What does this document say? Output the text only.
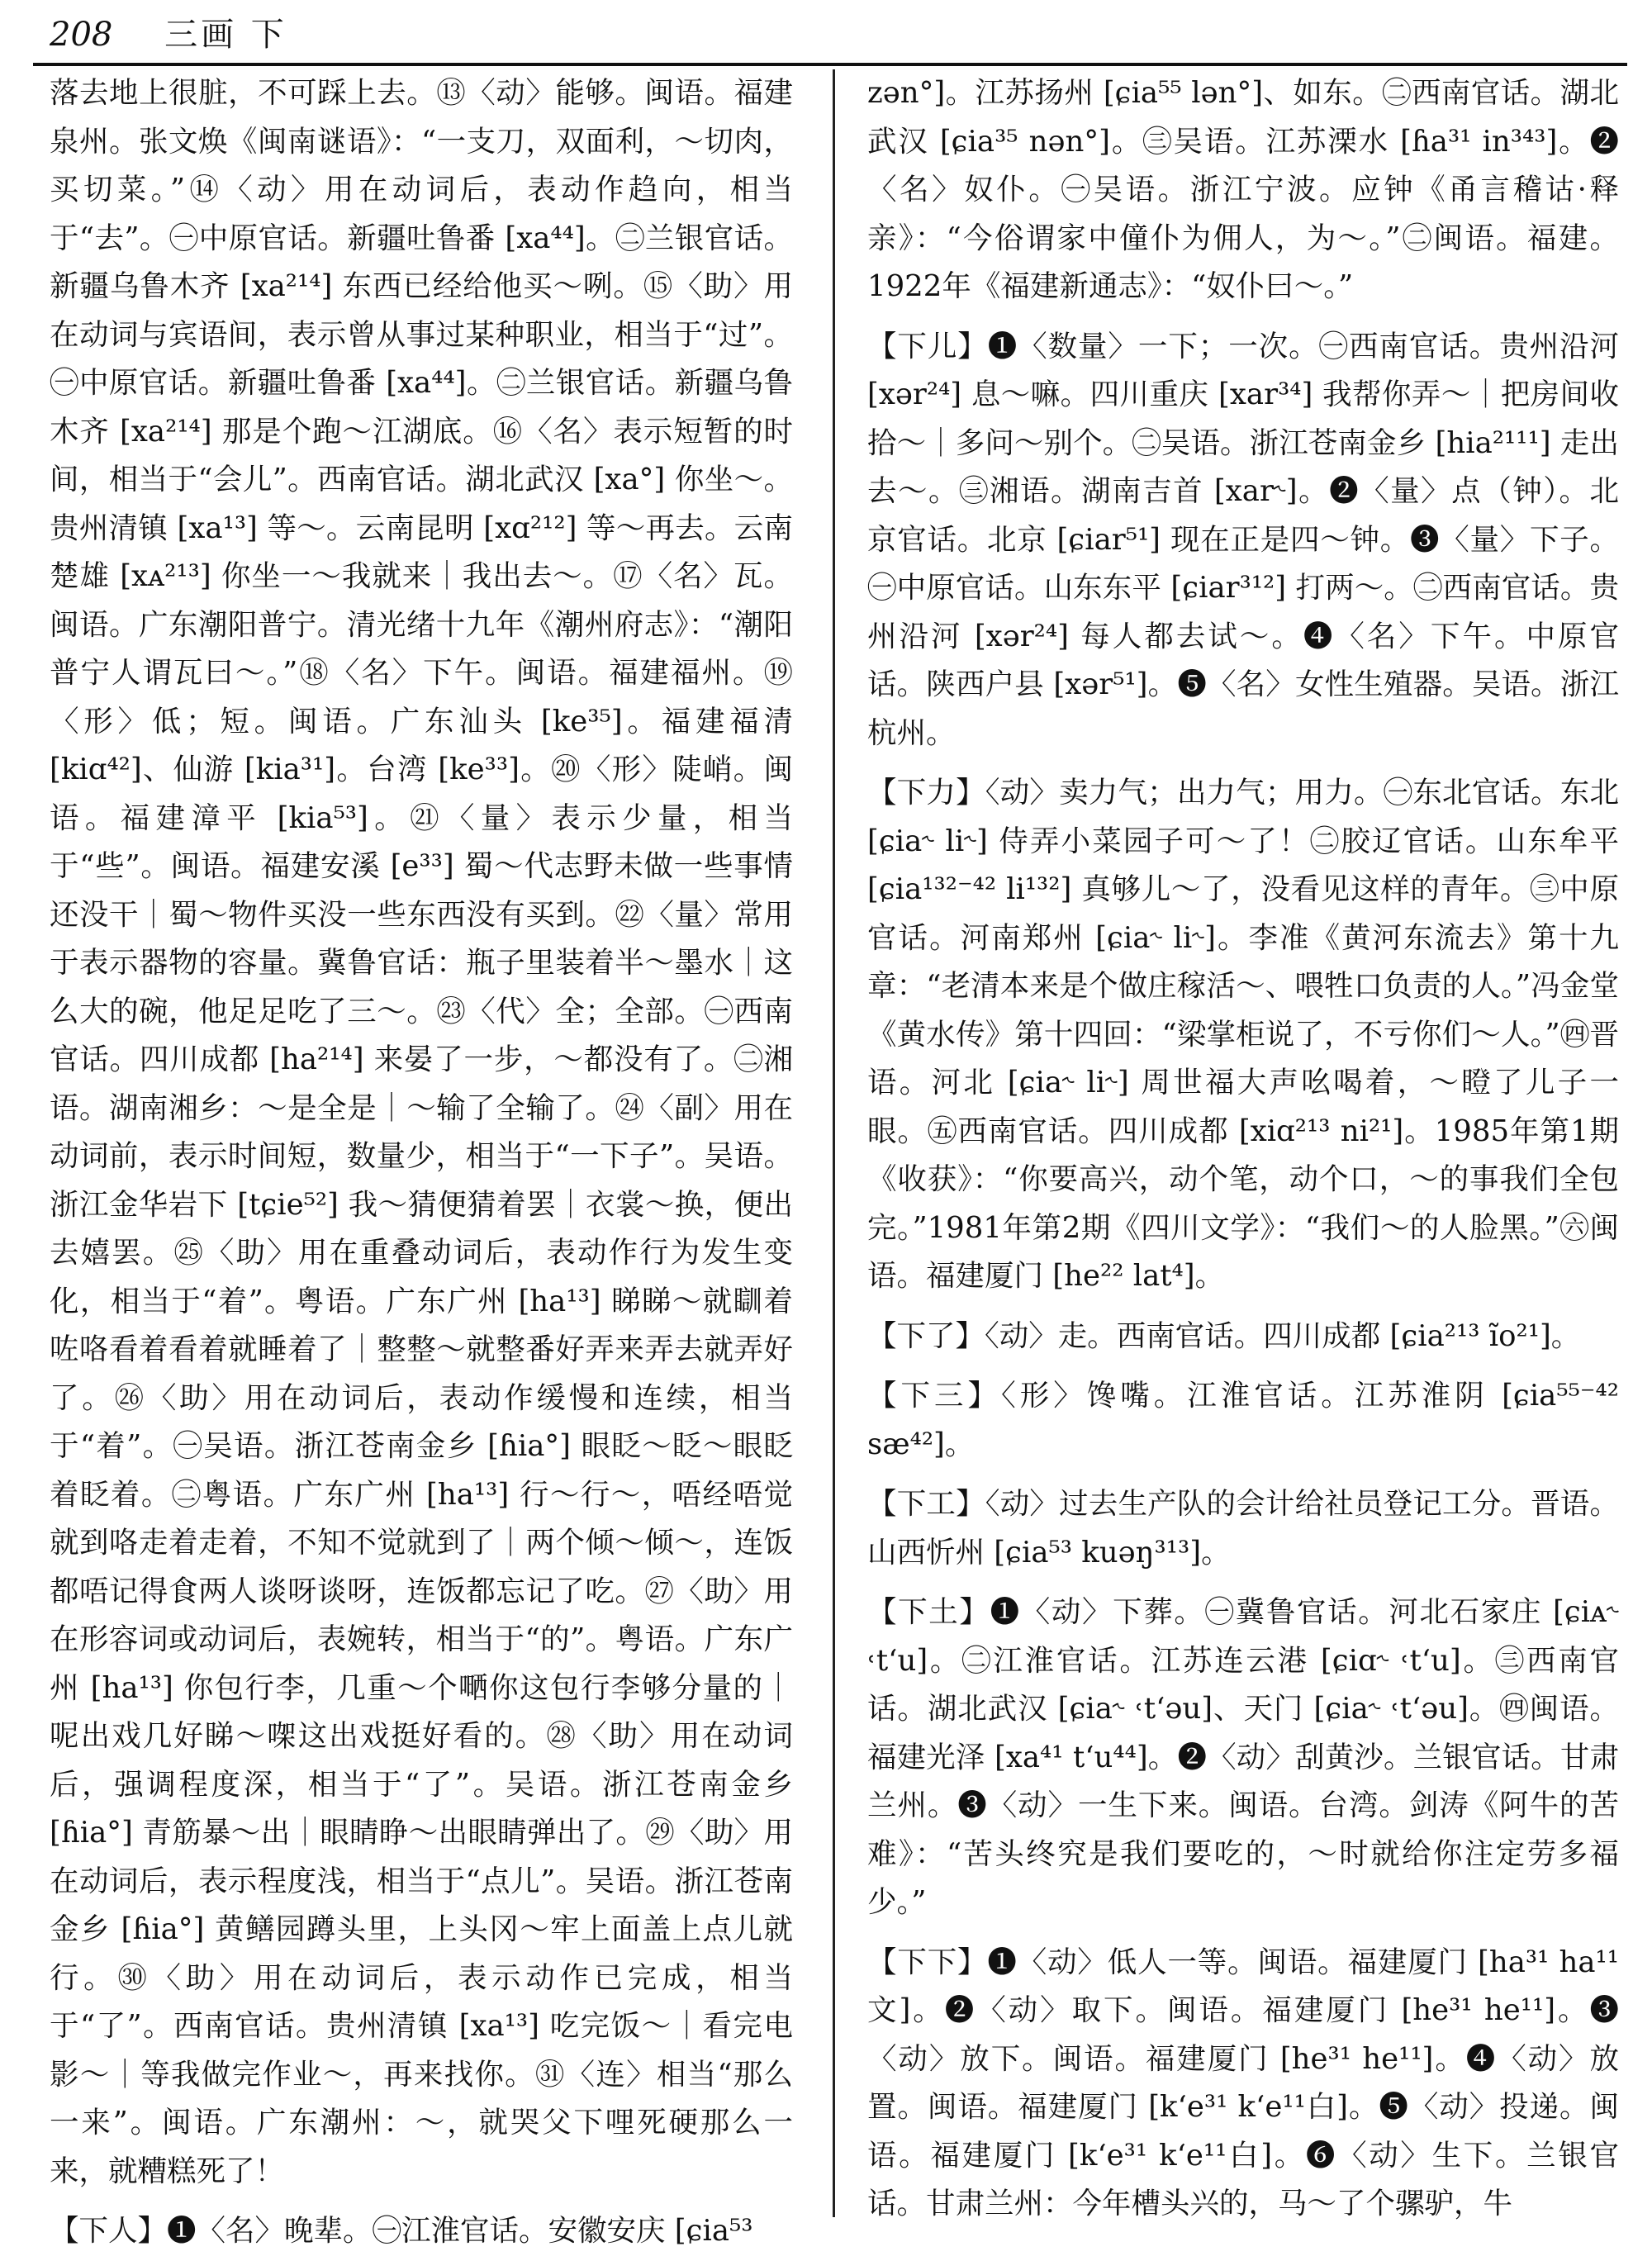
208 三画 下

落去地上很脏，不可踩上去。⑬〈动〉能够。闽语。福建泉州。张文焕《闽南谜语》：“一支刀，双面利，～切肉，买切菜。”⑭〈动〉用在动词后，表动作趋向，相当于“去”。㊀中原官话。新疆吐鲁番 [xa⁴⁴]。㊁兰银官话。新疆乌鲁木齐 [xa²¹⁴] 东西已经给他买～咧。⑮〈助〉用在动词与宾语间，表示曾从事过某种职业，相当于“过”。㊀中原官话。新疆吐鲁番 [xa⁴⁴]。㊁兰银官话。新疆乌鲁木齐 [xa²¹⁴] 那是个跑～江湖底。⑯〈名〉表示短暂的时间，相当于“会儿”。西南官话。湖北武汉 [xa°] 你坐～。贵州清镇 [xa¹³] 等～。云南昆明 [xɑ²¹²] 等～再去。云南楚雄 [xᴀ²¹³] 你坐一～我就来｜我出去～。⑰〈名〉瓦。闽语。广东潮阳普宁。清光绪十九年《潮州府志》：“潮阳普宁人谓瓦曰～。”⑱〈名〉下午。闽语。福建福州。⑲〈形〉低；短。闽语。广东汕头 [ke³⁵]。福建福清 [kiɑ⁴²]、仙游 [kia³¹]。台湾 [ke³³]。⑳〈形〉陡峭。闽语。福建漳平 [kia⁵³]。㉑〈量〉表示少量，相当于“些”。闽语。福建安溪 [e³³] 蜀～代志野未做一些事情还没干｜蜀～物件买没一些东西没有买到。㉒〈量〉常用于表示器物的容量。冀鲁官话：瓶子里装着半～墨水｜这么大的碗，他足足吃了三～。㉓〈代〉全；全部。㊀西南官话。四川成都 [ha²¹⁴] 来晏了一步，～都没有了。㊁湘语。湖南湘乡：～是全是｜～输了全输了。㉔〈副〉用在动词前，表示时间短，数量少，相当于“一下子”。吴语。浙江金华岩下 [tɕie⁵²] 我～猜便猜着罢｜衣裳～换，便出去嬉罢。㉕〈助〉用在重叠动词后，表动作行为发生变化，相当于“着”。粤语。广东广州 [ha¹³] 睇睇～就瞓着咗咯看着看着就睡着了｜整整～就整番好弄来弄去就弄好了。㉖〈助〉用在动词后，表动作缓慢和连续，相当于“着”。㊀吴语。浙江苍南金乡 [ɦia°] 眼眨～眨～眼眨着眨着。㊁粤语。广东广州 [ha¹³] 行～行～，唔经唔觉就到咯走着走着，不知不觉就到了｜两个倾～倾～，连饭都唔记得食两人谈呀谈呀，连饭都忘记了吃。㉗〈助〉用在形容词或动词后，表婉转，相当于“的”。粤语。广东广州 [ha¹³] 你包行李，几重～个嗮你这包行李够分量的｜呢出戏几好睇～㗎这出戏挺好看的。㉘〈助〉用在动词后，强调程度深，相当于“了”。吴语。浙江苍南金乡 [ɦia°] 青筋暴～出｜眼睛睁～出眼睛弹出了。㉙〈助〉用在动词后，表示程度浅，相当于“点儿”。吴语。浙江苍南金乡 [ɦia°] 黄鳝园蹲头里，上头冈～牢上面盖上点儿就行。㉚〈助〉用在动词后，表示动作已完成，相当于“了”。西南官话。贵州清镇 [xa¹³] 吃完饭～｜看完电影～｜等我做完作业～，再来找你。㉛〈连〉相当“那么一来”。闽语。广东潮州：～，就哭父下哩死硬那么一来，就糟糕死了！

【下人】❶〈名〉晚辈。㊀江淮官话。安徽安庆 [ɕia⁵³

zən°]。江苏扬州 [ɕia⁵⁵ lən°]、如东。㊁西南官话。湖北武汉 [ɕia³⁵ nən°]。㊂吴语。江苏溧水 [ɦa³¹ in³⁴³]。❷〈名〉奴仆。㊀吴语。浙江宁波。应钟《甬言稽诂·释亲》：“今俗谓家中僮仆为佣人，为～。”㊁闽语。福建。1922年《福建新通志》：“奴仆曰～。”

【下儿】❶〈数量〉一下；一次。㊀西南官话。贵州沿河 [xər²⁴] 息～嘛。四川重庆 [xar³⁴] 我帮你弄～｜把房间收拾～｜多问～别个。㊁吴语。浙江苍南金乡 [hia²¹¹¹] 走出去～。㊂湘语。湖南吉首 [xar˞]。❷〈量〉点（钟）。北京官话。北京 [ɕiar⁵¹] 现在正是四～钟。❸〈量〉下子。㊀中原官话。山东东平 [ɕiar³¹²] 打两～。㊁西南官话。贵州沿河 [xər²⁴] 每人都去试～。❹〈名〉下午。中原官话。陕西户县 [xər⁵¹]。❺〈名〉女性生殖器。吴语。浙江杭州。

【下力】〈动〉卖力气；出力气；用力。㊀东北官话。东北 [ɕia˞ li˞] 侍弄小菜园子可～了！㊁胶辽官话。山东牟平 [ɕia¹³²⁻⁴² li¹³²] 真够儿～了，没看见这样的青年。㊂中原官话。河南郑州 [ɕia˞ li˞]。李准《黄河东流去》第十九章：“老清本来是个做庄稼活～、喂牲口负责的人。”冯金堂《黄水传》第十四回：“梁掌柜说了，不亏你们～人。”㊃晋语。河北 [ɕia˞ li˞] 周世福大声吆喝着，～瞪了儿子一眼。㊄西南官话。四川成都 [xiɑ²¹³ ni²¹]。1985年第1期《收获》：“你要高兴，动个笔，动个口，～的事我们全包完。”1981年第2期《四川文学》：“我们～的人脸黑。”㊅闽语。福建厦门 [he²² lat⁴]。

【下了】〈动〉走。西南官话。四川成都 [ɕia²¹³ ĩo²¹]。

【下三】〈形〉馋嘴。江淮官话。江苏淮阴 [ɕia⁵⁵⁻⁴² sæ⁴²]。

【下工】〈动〉过去生产队的会计给社员登记工分。晋语。山西忻州 [ɕia⁵³ kuəŋ³¹³]。

【下土】❶〈动〉下葬。㊀冀鲁官话。河北石家庄 [ɕiᴀ˞ ˓t‘u]。㊁江淮官话。江苏连云港 [ɕiɑ˞ ˓t‘u]。㊂西南官话。湖北武汉 [ɕia˞ ˓t‘əu]、天门 [ɕia˞ ˓t‘əu]。㊃闽语。福建光泽 [xa⁴¹ t‘u⁴⁴]。❷〈动〉刮黄沙。兰银官话。甘肃兰州。❸〈动〉一生下来。闽语。台湾。剑涛《阿牛的苦难》：“苦头终究是我们要吃的，～时就给你注定劳多福少。”

【下下】❶〈动〉低人一等。闽语。福建厦门 [ha³¹ ha¹¹文]。❷〈动〉取下。闽语。福建厦门 [he³¹ he¹¹]。❸〈动〉放下。闽语。福建厦门 [he³¹ he¹¹]。❹〈动〉放置。闽语。福建厦门 [k‘e³¹ k‘e¹¹白]。❺〈动〉投递。闽语。福建厦门 [k‘e³¹ k‘e¹¹白]。❻〈动〉生下。兰银官话。甘肃兰州：今年槽头兴的，马～了个骡驴，牛
